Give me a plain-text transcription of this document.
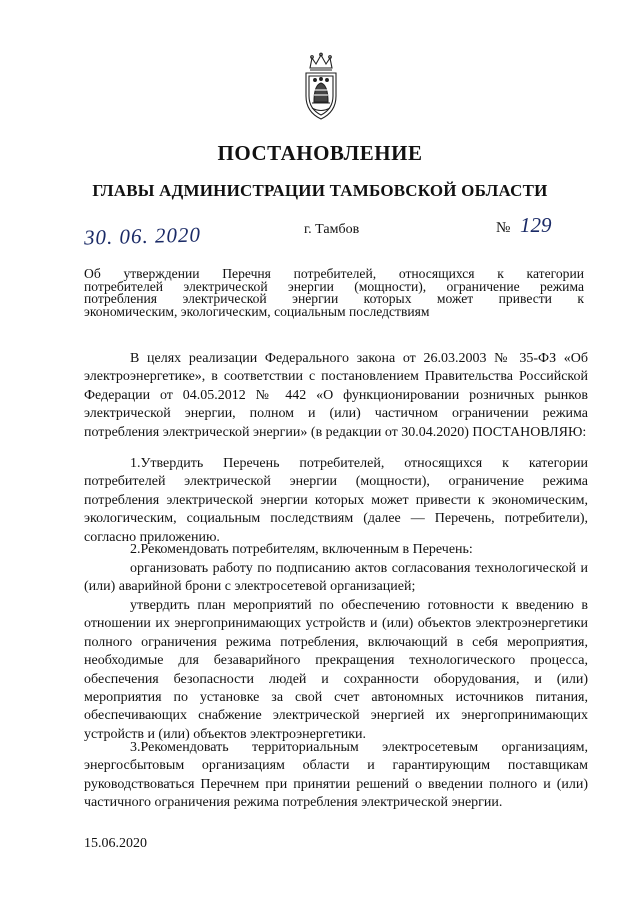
ПОСТАНОВЛЕНИЕ
ГЛАВЫ АДМИНИСТРАЦИИ ТАМБОВСКОЙ ОБЛАСТИ
30. 06. 2020	г. Тамбов	№ 129
Об утверждении Перечня потребителей, относящихся к категории
потребителей электрической энергии (мощности), ограничение режима
потребления электрической энергии которых может привести к
экономическим, экологическим, социальным последствиям

В целях реализации Федерального закона от 26.03.2003 № 35-ФЗ «Об электроэнергетике», в соответствии с постановлением Правительства Российской Федерации от 04.05.2012 № 442 «О функционировании розничных рынков электрической энергии, полном и (или) частичном ограничении режима потребления электрической энергии» (в редакции от 30.04.2020) ПОСТАНОВЛЯЮ:

1.Утвердить Перечень потребителей, относящихся к категории потребителей электрической энергии (мощности), ограничение режима потребления электрической энергии которых может привести к экономическим, экологическим, социальным последствиям (далее — Перечень, потребители), согласно приложению.

2.Рекомендовать потребителям, включенным в Перечень:

организовать работу по подписанию актов согласования технологической и (или) аварийной брони с электросетевой организацией;

утвердить план мероприятий по обеспечению готовности к введению в отношении их энергопринимающих устройств и (или) объектов электроэнергетики полного ограничения режима потребления, включающий в себя мероприятия, необходимые для безаварийного прекращения технологического процесса, обеспечения безопасности людей и сохранности оборудования, и (или) мероприятия по установке за свой счет автономных источников питания, обеспечивающих снабжение электрической энергией их энергопринимающих устройств и (или) объектов электроэнергетики.

3.Рекомендовать территориальным электросетевым организациям, энергосбытовым организациям области и гарантирующим поставщикам руководствоваться Перечнем при принятии решений о введении полного и (или) частичного ограничения режима потребления электрической энергии.

15.06.2020
